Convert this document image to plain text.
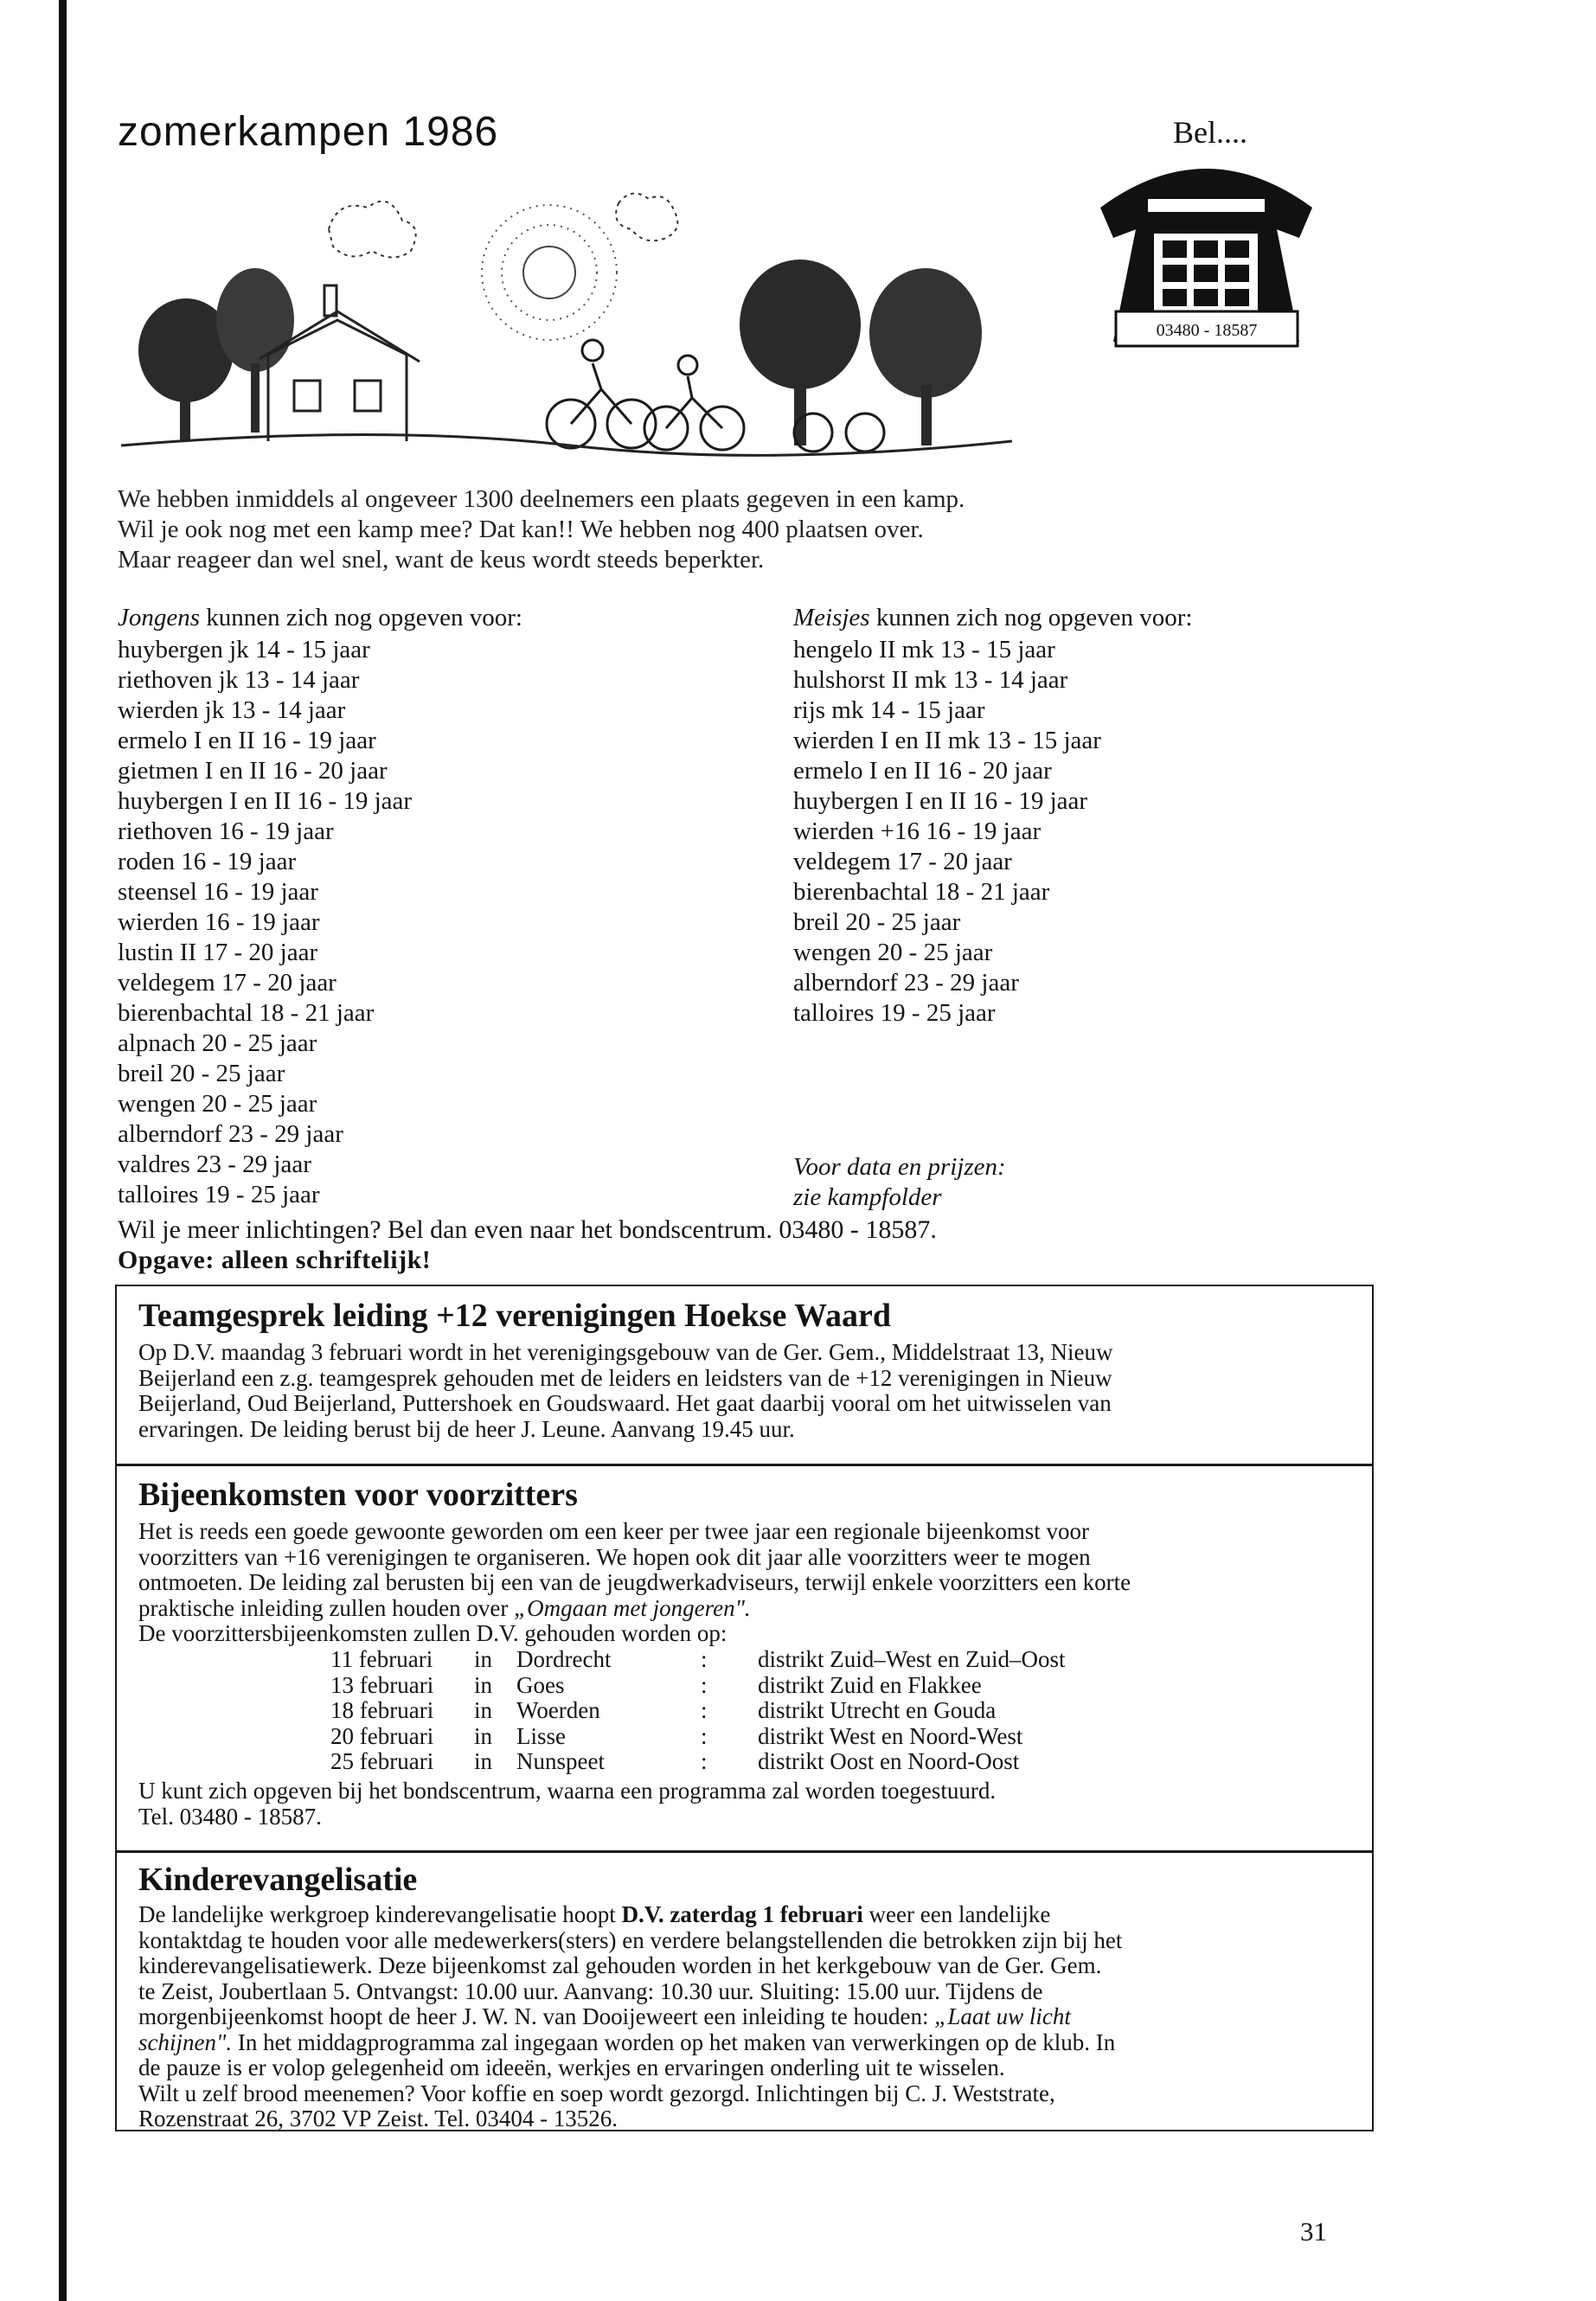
zomerkampen 1986	Bel....
03480 - 18587
We hebben inmiddels al ongeveer 1300 deelnemers een plaats gegeven in een kamp.
Wil je ook nog met een kamp mee? Dat kan!! We hebben nog 400 plaatsen over.
Maar reageer dan wel snel, want de keus wordt steeds beperkter.
Jongens kunnen zich nog opgeven voor:	Meisjes kunnen zich nog opgeven voor:
huybergen jk 14 - 15 jaar
riethoven jk 13 - 14 jaar
wierden jk 13 - 14 jaar
ermelo I en II 16 - 19 jaar
gietmen I en II 16 - 20 jaar
huybergen I en II 16 - 19 jaar
riethoven 16 - 19 jaar
roden 16 - 19 jaar
steensel 16 - 19 jaar
wierden 16 - 19 jaar
lustin II 17 - 20 jaar
veldegem 17 - 20 jaar
bierenbachtal 18 - 21 jaar
alpnach 20 - 25 jaar
breil 20 - 25 jaar
wengen 20 - 25 jaar
alberndorf 23 - 29 jaar
valdres 23 - 29 jaar
talloires 19 - 25 jaar
hengelo II mk 13 - 15 jaar
hulshorst II mk 13 - 14 jaar
rijs mk 14 - 15 jaar
wierden I en II mk 13 - 15 jaar
ermelo I en II 16 - 20 jaar
huybergen I en II 16 - 19 jaar
wierden +16 16 - 19 jaar
veldegem 17 - 20 jaar
bierenbachtal 18 - 21 jaar
breil 20 - 25 jaar
wengen 20 - 25 jaar
alberndorf 23 - 29 jaar
talloires 19 - 25 jaar
Voor data en prijzen:
zie kampfolder
Wil je meer inlichtingen? Bel dan even naar het bondscentrum. 03480 - 18587.
Opgave: alleen schriftelijk!
Teamgesprek leiding +12 verenigingen Hoekse Waard
Op D.V. maandag 3 februari wordt in het verenigingsgebouw van de Ger. Gem., Middelstraat 13, Nieuw
Beijerland een z.g. teamgesprek gehouden met de leiders en leidsters van de +12 verenigingen in Nieuw
Beijerland, Oud Beijerland, Puttershoek en Goudswaard. Het gaat daarbij vooral om het uitwisselen van
ervaringen. De leiding berust bij de heer J. Leune. Aanvang 19.45 uur.
Bijeenkomsten voor voorzitters
Het is reeds een goede gewoonte geworden om een keer per twee jaar een regionale bijeenkomst voor
voorzitters van +16 verenigingen te organiseren. We hopen ook dit jaar alle voorzitters weer te mogen
ontmoeten. De leiding zal berusten bij een van de jeugdwerkadviseurs, terwijl enkele voorzitters een korte
praktische inleiding zullen houden over „Omgaan met jongeren".
De voorzittersbijeenkomsten zullen D.V. gehouden worden op:
11 februari in Dordrecht	: distrikt Zuid–West en Zuid–Oost
13 februari in Goes	: distrikt Zuid en Flakkee
18 februari in Woerden	: distrikt Utrecht en Gouda
20 februari in Lisse	: distrikt West en Noord-West
25 februari in Nunspeet	: distrikt Oost en Noord-Oost
U kunt zich opgeven bij het bondscentrum, waarna een programma zal worden toegestuurd.
Tel. 03480 - 18587.
Kinderevangelisatie
De landelijke werkgroep kinderevangelisatie hoopt D.V. zaterdag 1 februari weer een landelijke
kontaktdag te houden voor alle medewerkers(sters) en verdere belangstellenden die betrokken zijn bij het
kinderevangelisatiewerk. Deze bijeenkomst zal gehouden worden in het kerkgebouw van de Ger. Gem.
te Zeist, Joubertlaan 5. Ontvangst: 10.00 uur. Aanvang: 10.30 uur. Sluiting: 15.00 uur. Tijdens de
morgenbijeenkomst hoopt de heer J. W. N. van Dooijeweert een inleiding te houden: „Laat uw licht
schijnen". In het middagprogramma zal ingegaan worden op het maken van verwerkingen op de klub. In
de pauze is er volop gelegenheid om ideeën, werkjes en ervaringen onderling uit te wisselen.
Wilt u zelf brood meenemen? Voor koffie en soep wordt gezorgd. Inlichtingen bij C. J. Weststrate,
Rozenstraat 26, 3702 VP Zeist. Tel. 03404 - 13526.
31
